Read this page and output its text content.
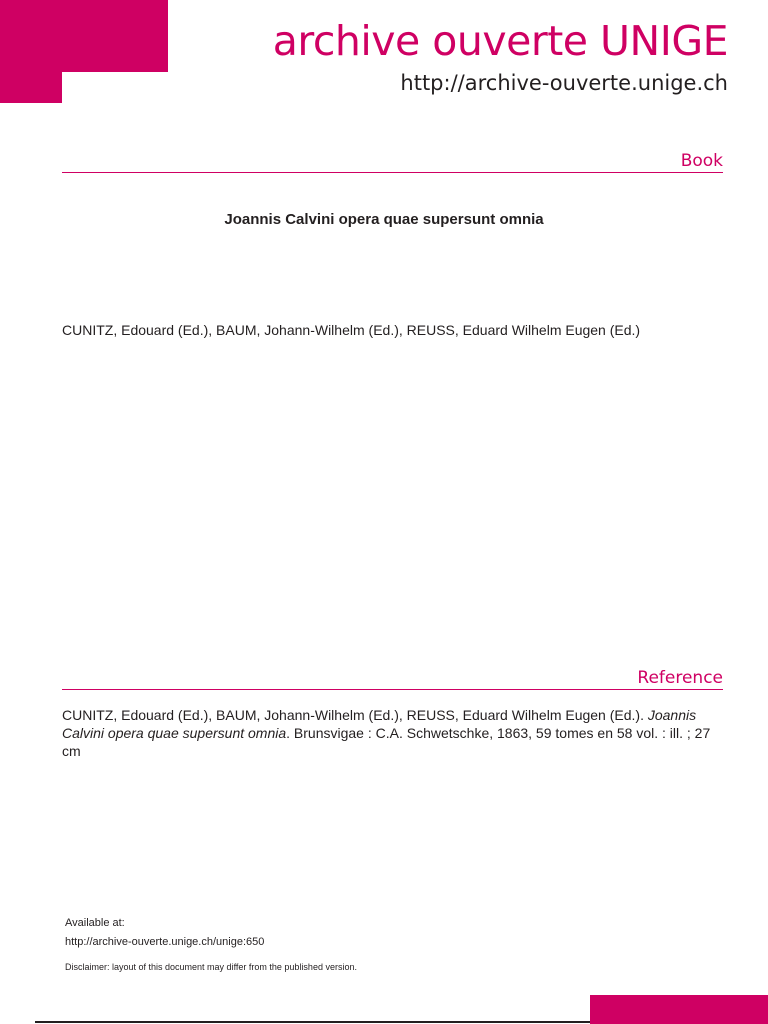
archive ouverte UNIGE
http://archive-ouverte.unige.ch
Book
Joannis Calvini opera quae supersunt omnia
CUNITZ, Edouard (Ed.), BAUM, Johann-Wilhelm (Ed.), REUSS, Eduard Wilhelm Eugen (Ed.)
Reference
CUNITZ, Edouard (Ed.), BAUM, Johann-Wilhelm (Ed.), REUSS, Eduard Wilhelm Eugen (Ed.). Joannis Calvini opera quae supersunt omnia. Brunsvigae : C.A. Schwetschke, 1863, 59 tomes en 58 vol. : ill. ; 27 cm
Available at:
http://archive-ouverte.unige.ch/unige:650
Disclaimer: layout of this document may differ from the published version.
